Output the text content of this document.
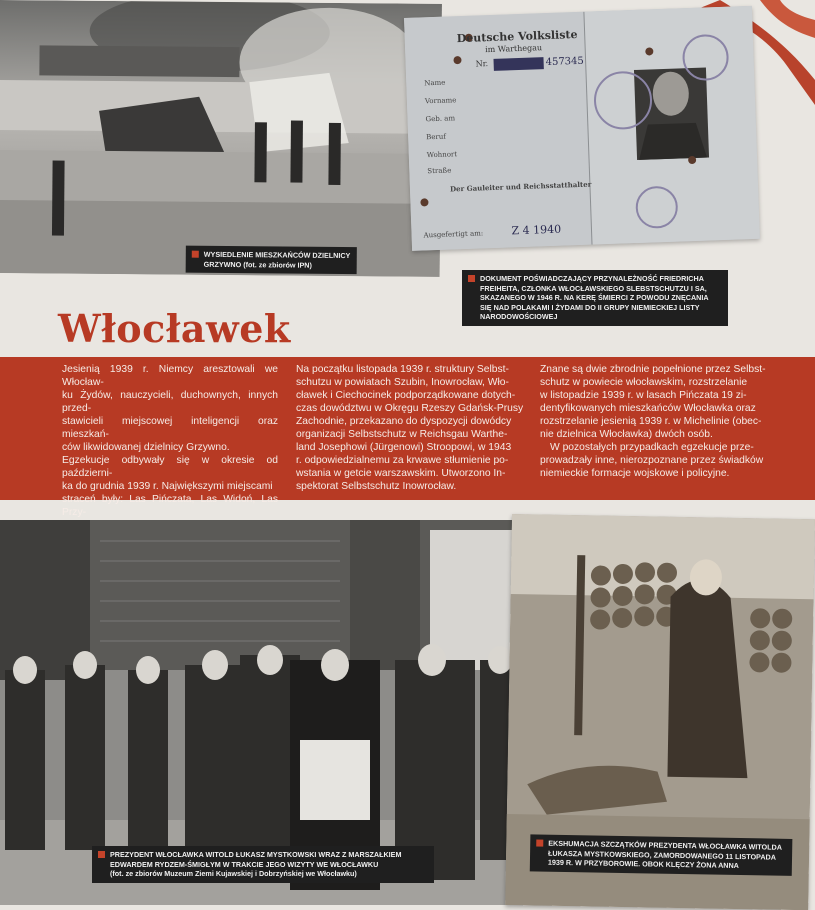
WYSIEDLENIE MIESZKAŃCÓW DZIELNICY
GRZYWNO (fot. ze zbiorów IPN)
Deutsche Volksliste
im Warthegau
Nr.	457345
Name
Vorname
Geb. am
Beruf
Wohnort
Straße
Der Gauleiter und Reichsstatthalter
Ausgefertigt am:	Z 4 1940
DOKUMENT POŚWIADCZAJĄCY PRZYNALEŻNOŚĆ FRIEDRICHA
FREIHEITA, CZŁONKA WŁOCŁAWSKIEGO SLEBSTSCHUTZU I SA,
SKAZANEGO W 1946 R. NA KERĘ ŚMIERCI Z POWODU ZNĘCANIA
SIĘ NAD POLAKAMI I ŻYDAMI DO II GRUPY NIEMIECKIEJ LISTY
NARODOWOŚCIOWEJ
Włocławek

Jesienią 1939 r. Niemcy aresztowali we Włocław-

ku Żydów, nauczycieli, duchownych, innych przed-

stawicieli miejscowej inteligencji oraz mieszkań-

ców likwidowanej dzielnicy Grzywno.

Egzekucje odbywały się w okresie od październi-

ka do grudnia 1939 r. Największymi miejscami

straceń były: Las Pińczata, Las Widoń, Las Przy-

Na początku listopada 1939 r. struktury Selbst-

schutzu w powiatach Szubin, Inowrocław, Wło-

cławek i Ciechocinek podporządkowane dotych-

czas dowództwu w Okręgu Rzeszy Gdańsk-Prusy

Zachodnie, przekazano do dyspozycji dowódcy

organizacji Selbstschutz w Reichsgau Warthe-

land Josephowi (Jürgenowi) Stroopowi, w 1943

r. odpowiedzialnemu za krwawe stłumienie po-

wstania w getcie warszawskim. Utworzono In-

spektorat Selbstschutz Inowrocław.

Znane są dwie zbrodnie popełnione przez Selbst-

schutz w powiecie włocławskim, rozstrzelanie

w listopadzie 1939 r. w lasach Pińczata 19 zi-

dentyfikowanych mieszkańców Włocławka oraz

rozstrzelanie jesienią 1939 r. w Michelinie (obec-

nie dzielnica Włocławka) dwóch osób.

W pozostałych przypadkach egzekucje prze-

prowadzały inne, nierozpoznane przez świadków

niemieckie formacje wojskowe i policyjne.

PREZYDENT WŁOCŁAWKA WITOLD ŁUKASZ MYSTKOWSKI WRAZ Z MARSZAŁKIEM
EDWARDEM RYDZEM-ŚMIGŁYM W TRAKCIE JEGO WIZYTY WE WŁOCŁAWKU
(fot. ze zbiorów Muzeum Ziemi Kujawskiej i Dobrzyńskiej we Włocławku)
EKSHUMACJA SZCZĄTKÓW PREZYDENTA WŁOCŁAWKA WITOLDA
ŁUKASZA MYSTKOWSKIEGO, ZAMORDOWANEGO 11 LISTOPADA
1939 R. W PRZYBOROWIE. OBOK KLĘCZY ŻONA ANNA
